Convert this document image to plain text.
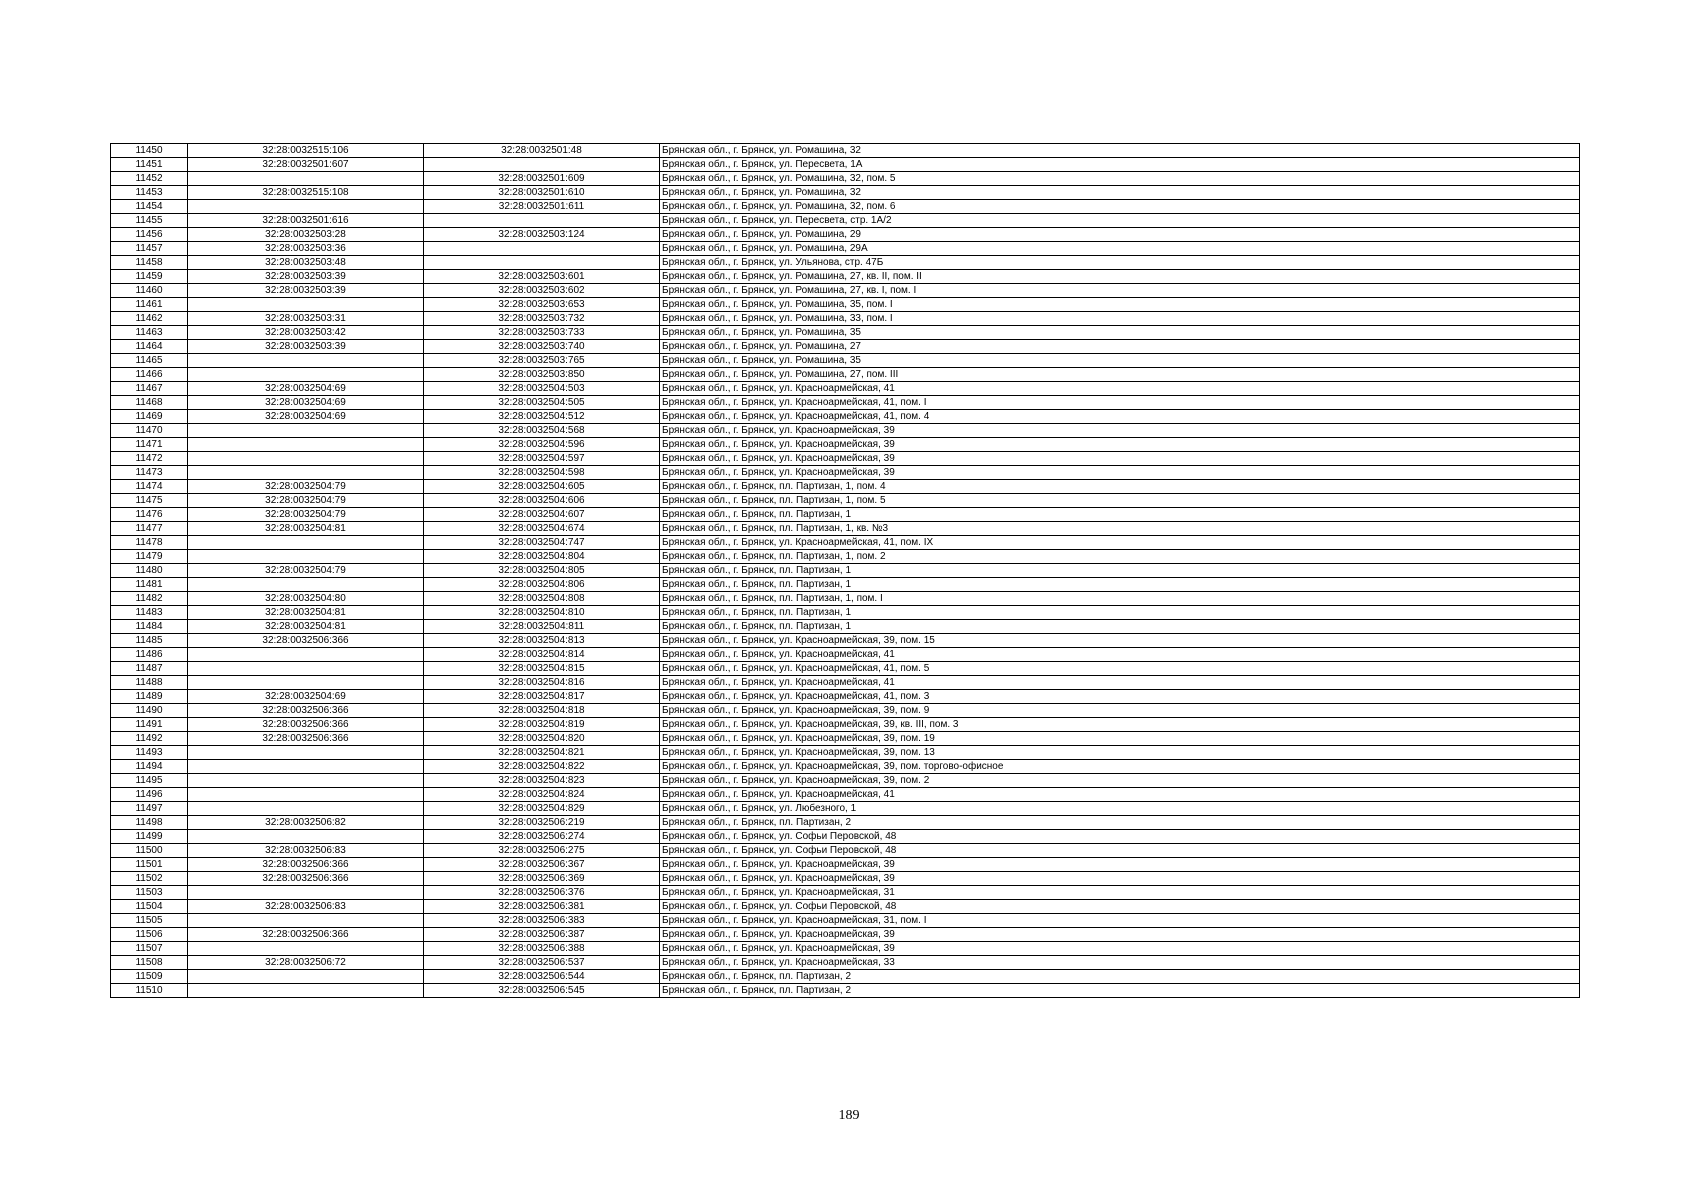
11450	32:28:0032515:106	32:28:0032501:48	Брянская обл., г. Брянск, ул. Ромашина, 32
11451	32:28:0032501:607		Брянская обл., г. Брянск, ул. Пересвета, 1А
11452		32:28:0032501:609	Брянская обл., г. Брянск, ул. Ромашина, 32, пом. 5
11453	32:28:0032515:108	32:28:0032501:610	Брянская обл., г. Брянск, ул. Ромашина, 32
11454		32:28:0032501:611	Брянская обл., г. Брянск, ул. Ромашина, 32, пом. 6
11455	32:28:0032501:616		Брянская обл., г. Брянск, ул. Пересвета, стр. 1А/2
11456	32:28:0032503:28	32:28:0032503:124	Брянская обл., г. Брянск, ул. Ромашина, 29
11457	32:28:0032503:36		Брянская обл., г. Брянск, ул. Ромашина, 29А
11458	32:28:0032503:48		Брянская обл., г. Брянск, ул. Ульянова, стр. 47Б
11459	32:28:0032503:39	32:28:0032503:601	Брянская обл., г. Брянск, ул. Ромашина, 27, кв. II, пом. II
11460	32:28:0032503:39	32:28:0032503:602	Брянская обл., г. Брянск, ул. Ромашина, 27, кв. I, пом. I
11461		32:28:0032503:653	Брянская обл., г. Брянск, ул. Ромашина, 35, пом. I
11462	32:28:0032503:31	32:28:0032503:732	Брянская обл., г. Брянск, ул. Ромашина, 33, пом. I
11463	32:28:0032503:42	32:28:0032503:733	Брянская обл., г. Брянск, ул. Ромашина, 35
11464	32:28:0032503:39	32:28:0032503:740	Брянская обл., г. Брянск, ул. Ромашина, 27
11465		32:28:0032503:765	Брянская обл., г. Брянск, ул. Ромашина, 35
11466		32:28:0032503:850	Брянская обл., г. Брянск, ул. Ромашина, 27, пом. III
11467	32:28:0032504:69	32:28:0032504:503	Брянская обл., г. Брянск, ул. Красноармейская, 41
11468	32:28:0032504:69	32:28:0032504:505	Брянская обл., г. Брянск, ул. Красноармейская, 41, пом. I
11469	32:28:0032504:69	32:28:0032504:512	Брянская обл., г. Брянск, ул. Красноармейская, 41, пом. 4
11470		32:28:0032504:568	Брянская обл., г. Брянск, ул. Красноармейская, 39
11471		32:28:0032504:596	Брянская обл., г. Брянск, ул. Красноармейская, 39
11472		32:28:0032504:597	Брянская обл., г. Брянск, ул. Красноармейская, 39
11473		32:28:0032504:598	Брянская обл., г. Брянск, ул. Красноармейская, 39
11474	32:28:0032504:79	32:28:0032504:605	Брянская обл., г. Брянск, пл. Партизан, 1, пом. 4
11475	32:28:0032504:79	32:28:0032504:606	Брянская обл., г. Брянск, пл. Партизан, 1, пом. 5
11476	32:28:0032504:79	32:28:0032504:607	Брянская обл., г. Брянск, пл. Партизан, 1
11477	32:28:0032504:81	32:28:0032504:674	Брянская обл., г. Брянск, пл. Партизан, 1, кв. №3
11478		32:28:0032504:747	Брянская обл., г. Брянск, ул. Красноармейская, 41, пом. IX
11479		32:28:0032504:804	Брянская обл., г. Брянск, пл. Партизан, 1, пом. 2
11480	32:28:0032504:79	32:28:0032504:805	Брянская обл., г. Брянск, пл. Партизан, 1
11481		32:28:0032504:806	Брянская обл., г. Брянск, пл. Партизан, 1
11482	32:28:0032504:80	32:28:0032504:808	Брянская обл., г. Брянск, пл. Партизан, 1, пом. I
11483	32:28:0032504:81	32:28:0032504:810	Брянская обл., г. Брянск, пл. Партизан, 1
11484	32:28:0032504:81	32:28:0032504:811	Брянская обл., г. Брянск, пл. Партизан, 1
11485	32:28:0032506:366	32:28:0032504:813	Брянская обл., г. Брянск, ул. Красноармейская, 39, пом. 15
11486		32:28:0032504:814	Брянская обл., г. Брянск, ул. Красноармейская, 41
11487		32:28:0032504:815	Брянская обл., г. Брянск, ул. Красноармейская, 41, пом. 5
11488		32:28:0032504:816	Брянская обл., г. Брянск, ул. Красноармейская, 41
11489	32:28:0032504:69	32:28:0032504:817	Брянская обл., г. Брянск, ул. Красноармейская, 41, пом. 3
11490	32:28:0032506:366	32:28:0032504:818	Брянская обл., г. Брянск, ул. Красноармейская, 39, пом. 9
11491	32:28:0032506:366	32:28:0032504:819	Брянская обл., г. Брянск, ул. Красноармейская, 39, кв. III, пом. 3
11492	32:28:0032506:366	32:28:0032504:820	Брянская обл., г. Брянск, ул. Красноармейская, 39, пом. 19
11493		32:28:0032504:821	Брянская обл., г. Брянск, ул. Красноармейская, 39, пом. 13
11494		32:28:0032504:822	Брянская обл., г. Брянск, ул. Красноармейская, 39, пом. торгово-офисное
11495		32:28:0032504:823	Брянская обл., г. Брянск, ул. Красноармейская, 39, пом. 2
11496		32:28:0032504:824	Брянская обл., г. Брянск, ул. Красноармейская, 41
11497		32:28:0032504:829	Брянская обл., г. Брянск, ул. Любезного, 1
11498	32:28:0032506:82	32:28:0032506:219	Брянская обл., г. Брянск, пл. Партизан, 2
11499		32:28:0032506:274	Брянская обл., г. Брянск, ул. Софьи Перовской, 48
11500	32:28:0032506:83	32:28:0032506:275	Брянская обл., г. Брянск, ул. Софьи Перовской, 48
11501	32:28:0032506:366	32:28:0032506:367	Брянская обл., г. Брянск, ул. Красноармейская, 39
11502	32:28:0032506:366	32:28:0032506:369	Брянская обл., г. Брянск, ул. Красноармейская, 39
11503		32:28:0032506:376	Брянская обл., г. Брянск, ул. Красноармейская, 31
11504	32:28:0032506:83	32:28:0032506:381	Брянская обл., г. Брянск, ул. Софьи Перовской, 48
11505		32:28:0032506:383	Брянская обл., г. Брянск, ул. Красноармейская, 31, пом. I
11506	32:28:0032506:366	32:28:0032506:387	Брянская обл., г. Брянск, ул. Красноармейская, 39
11507		32:28:0032506:388	Брянская обл., г. Брянск, ул. Красноармейская, 39
11508	32:28:0032506:72	32:28:0032506:537	Брянская обл., г. Брянск, ул. Красноармейская, 33
11509		32:28:0032506:544	Брянская обл., г. Брянск, пл. Партизан, 2
11510		32:28:0032506:545	Брянская обл., г. Брянск, пл. Партизан, 2
189
